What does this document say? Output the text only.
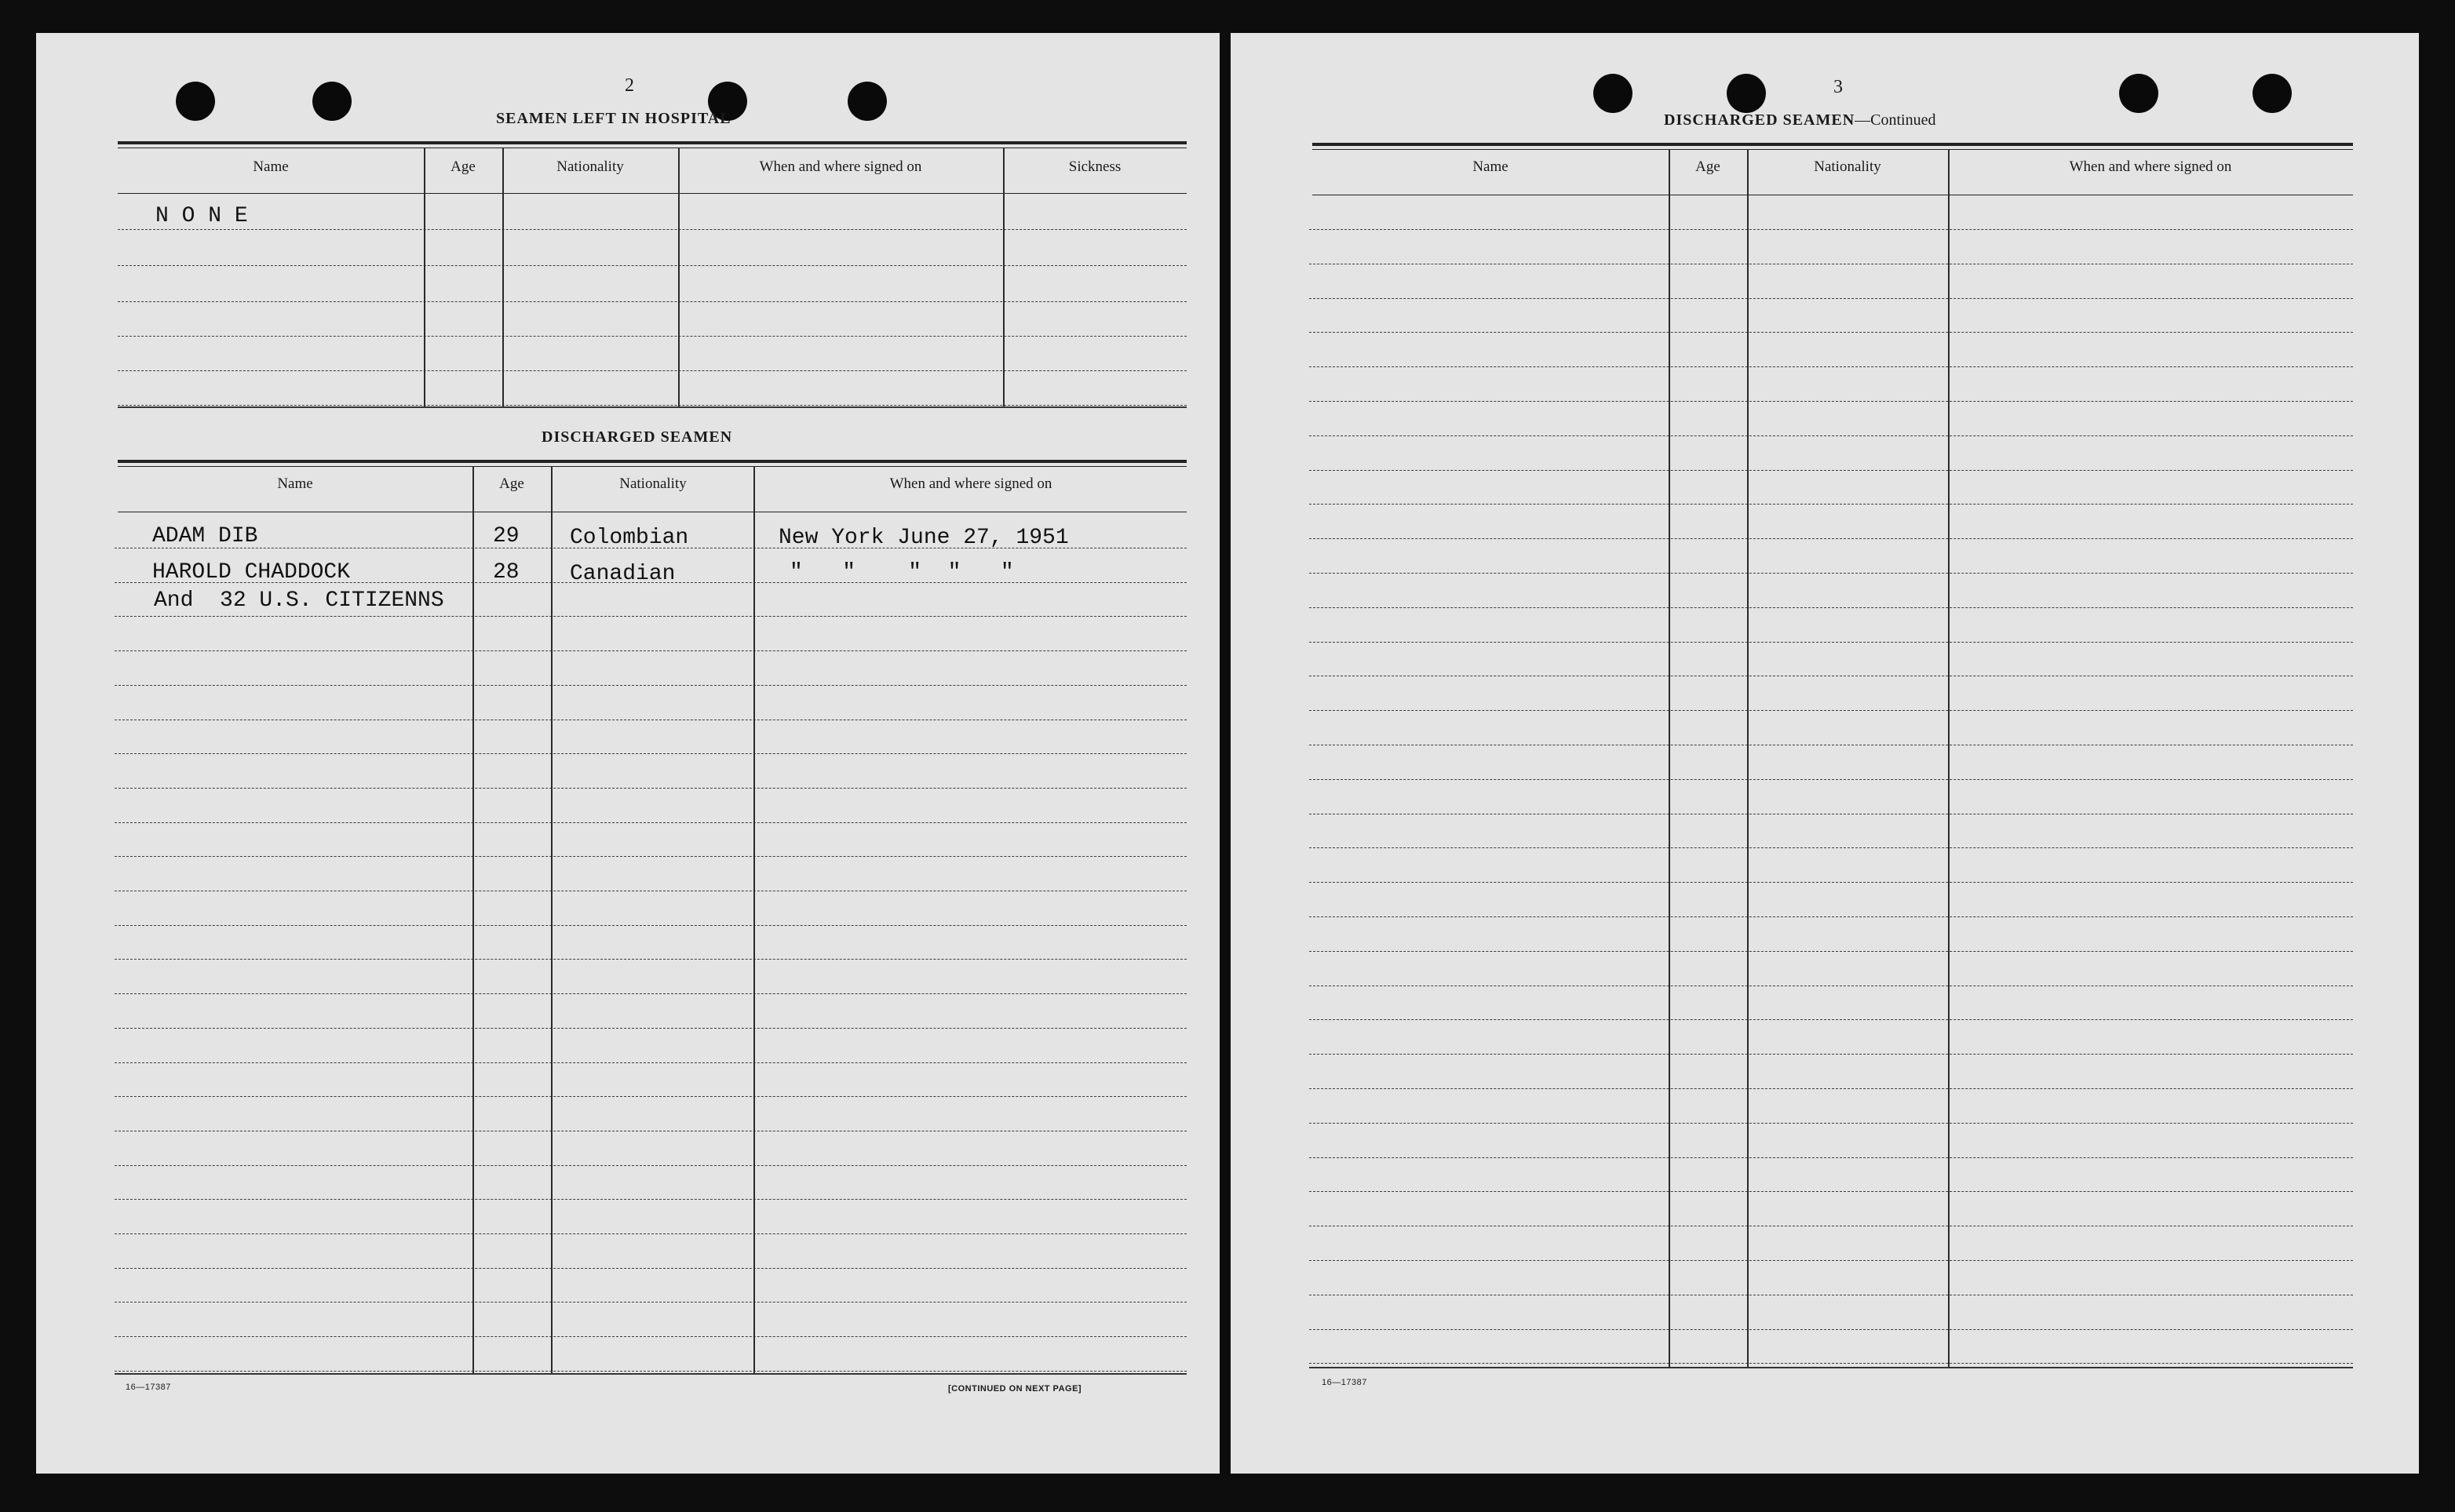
2
SEAMEN LEFT IN HOSPITAL
Name	Age	Nationality	When and where signed on	Sickness
N O N E
DISCHARGED SEAMEN
Name	Age	Nationality	When and where signed on
ADAM DIB	29 Colombian	New York June 27, 1951
HAROLD CHADDOCK	28 Canadian	"   "    "  "   "
And  32 U.S. CITIZENNS
16—17387	[CONTINUED ON NEXT PAGE]
3
DISCHARGED SEAMEN—Continued
Name	Age	Nationality	When and where signed on
16—17387
